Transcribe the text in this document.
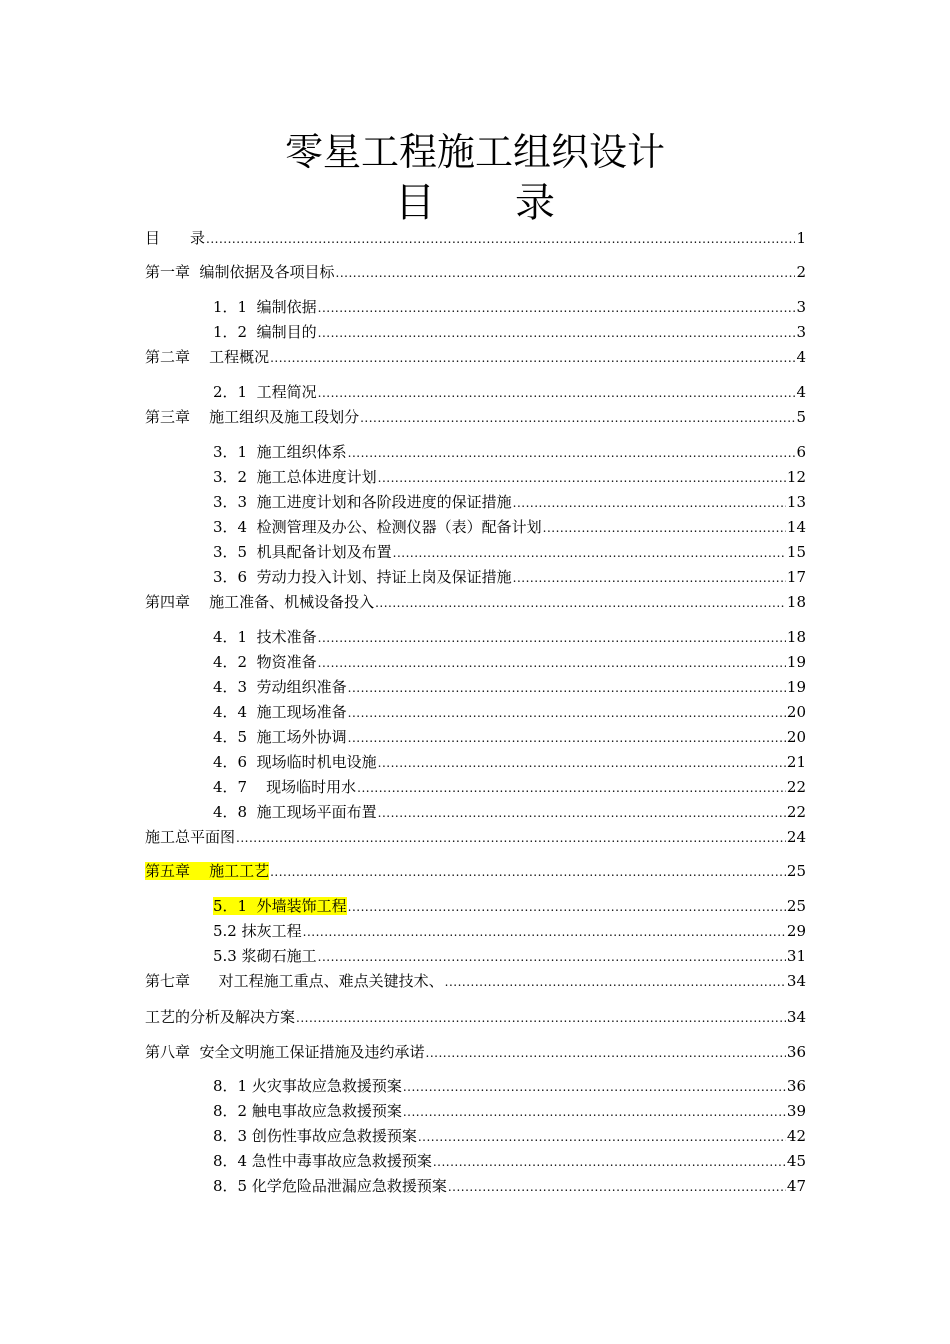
零星工程施工组织设计
目　　录
目　　录 .....	1
第一章  编制依据及各项目标 .....	2
1．1  编制依据 .....	3
1．2  编制目的 .....	3
第二章    工程概况 .....	4
2．1  工程简况 .....	4
第三章    施工组织及施工段划分 .....	5
3．1  施工组织体系 .....	6
3．2  施工总体进度计划 .....	12
3．3  施工进度计划和各阶段进度的保证措施 .....	13
3．4  检测管理及办公、检测仪器（表）配备计划 .....	14
3．5  机具配备计划及布置 .....	15
3．6  劳动力投入计划、持证上岗及保证措施 .....	17
第四章    施工准备、机械设备投入 .....	18
4．1  技术准备 .....	18
4．2  物资准备 .....	19
4．3  劳动组织准备 .....	19
4．4  施工现场准备 .....	20
4．5  施工场外协调 .....	20
4．6  现场临时机电设施 .....	21
4．7    现场临时用水 .....	22
4．8  施工现场平面布置 .....	22
施工总平面图 .....	24
第五章    施工工艺 .....	25
5．1  外墙装饰工程 .....	25
5.2 抹灰工程 .....	29
5.3 浆砌石施工 .....	31
第七章      对工程施工重点、难点关键技术、 .....	34
工艺的分析及解决方案 .....	34
第八章  安全文明施工保证措施及违约承诺 .....	36
8．1 火灾事故应急救援预案 .....	36
8．2 触电事故应急救援预案 .....	39
8．3 创伤性事故应急救援预案 .....	42
8．4 急性中毒事故应急救援预案 .....	45
8．5 化学危险品泄漏应急救援预案 .....	47
